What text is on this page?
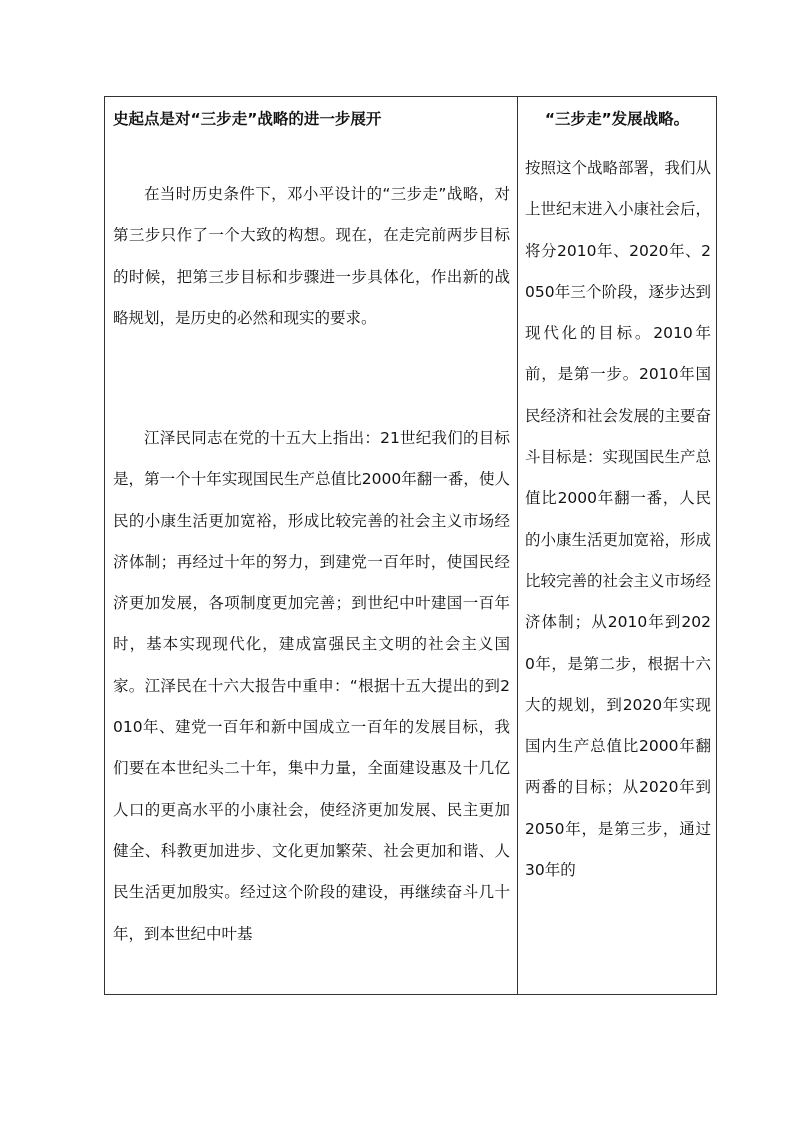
史起点是对“三步走”战略的进一步展开
在当时历史条件下，邓小平设计的“三步走”战略，对第三步只作了一个大致的构想。现在，在走完前两步目标的时候，把第三步目标和步骤进一步具体化，作出新的战略规划，是历史的必然和现实的要求。
江泽民同志在党的十五大上指出：21世纪我们的目标是，第一个十年实现国民生产总值比2000年翻一番，使人民的小康生活更加宽裕，形成比较完善的社会主义市场经济体制；再经过十年的努力，到建党一百年时，使国民经济更加发展，各项制度更加完善；到世纪中叶建国一百年时，基本实现现代化，建成富强民主文明的社会主义国家。江泽民在十六大报告中重申：“根据十五大提出的到2010年、建党一百年和新中国成立一百年的发展目标，我们要在本世纪头二十年，集中力量，全面建设惠及十几亿人口的更高水平的小康社会，使经济更加发展、民主更加健全、科教更加进步、文化更加繁荣、社会更加和谐、人民生活更加殷实。经过这个阶段的建设，再继续奋斗几十年，到本世纪中叶基
“三步走”发展战略。
按照这个战略部署，我们从上世纪末进入小康社会后，将分2010年、2020年、2050年三个阶段，逐步达到现代化的目标。2010年前，是第一步。2010年国民经济和社会发展的主要奋斗目标是：实现国民生产总值比2000年翻一番，人民的小康生活更加宽裕，形成比较完善的社会主义市场经济体制；从2010年到2020年，是第二步，根据十六大的规划，到2020年实现国内生产总值比2000年翻两番的目标；从2020年到2050年，是第三步，通过30年的
